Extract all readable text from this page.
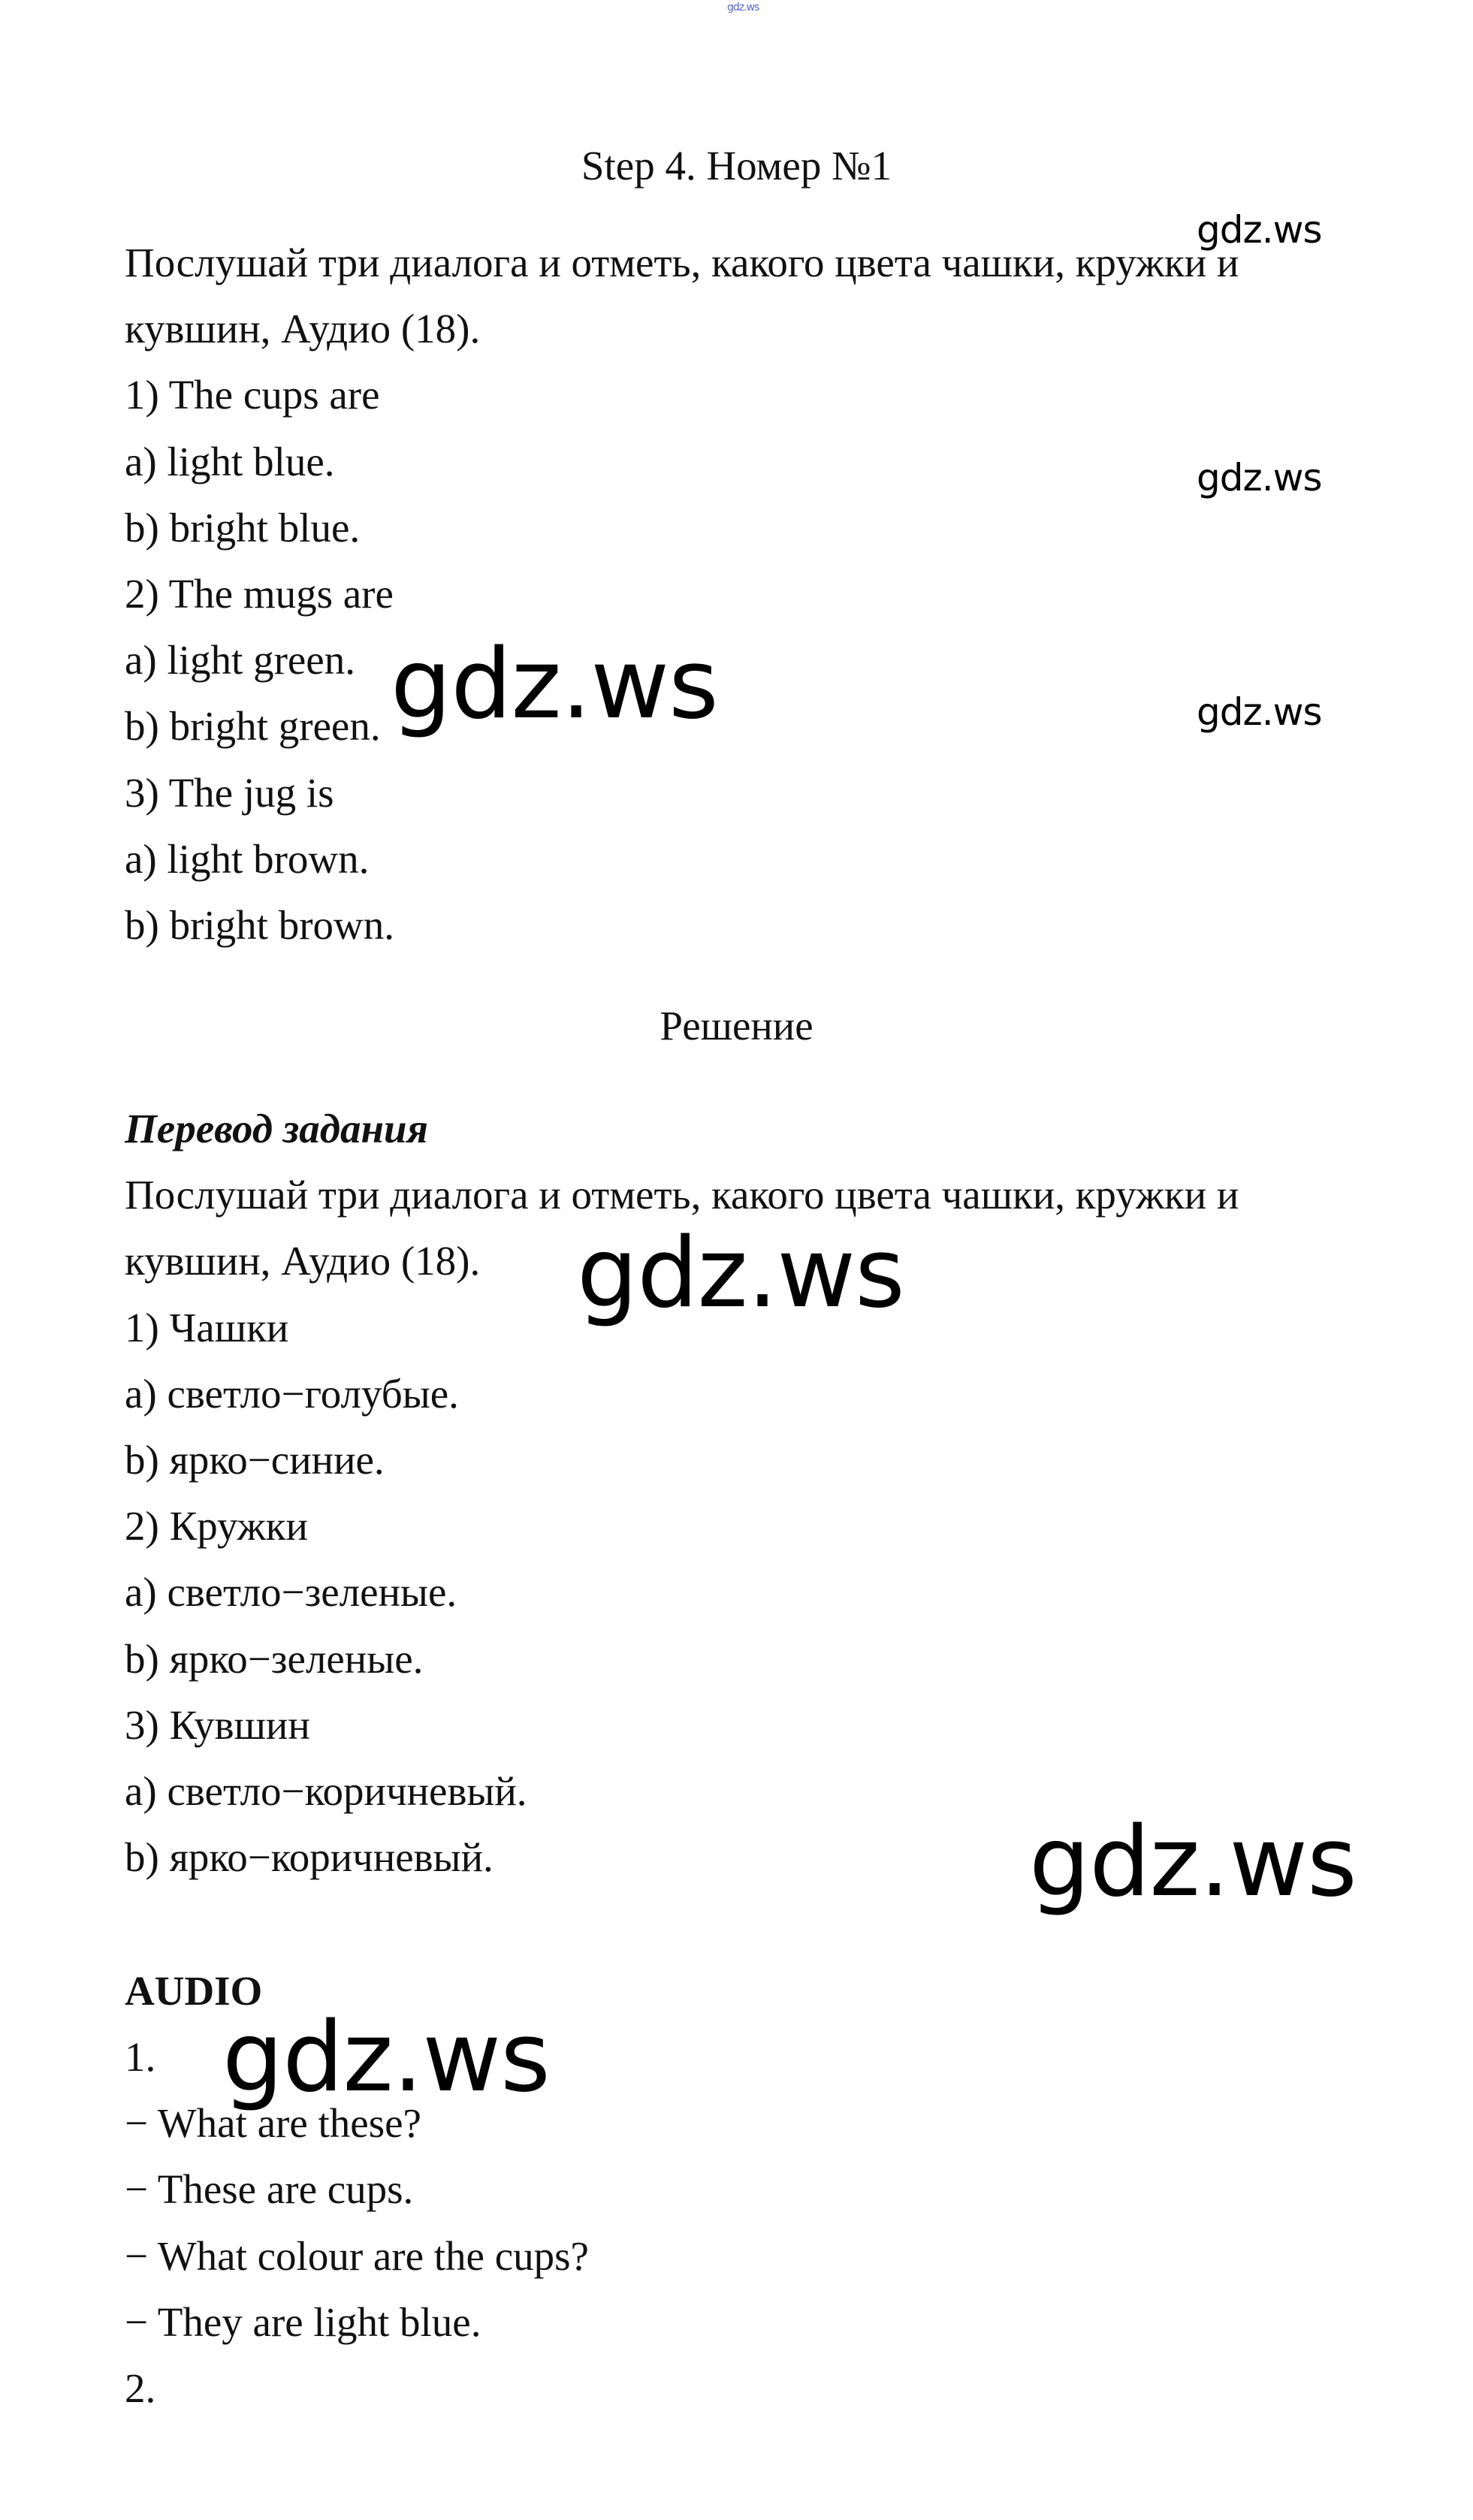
gdz.ws
Step 4. Номер №1
Послушай три диалога и отметь, какого цвета чашки, кружки и
кувшин, Аудио (18).
1) The cups are
a) light blue.
b) bright blue.
2) The mugs are
a) light green.
b) bright green.
3) The jug is
a) light brown.
b) bright brown.
Решение
Перевод задания
Послушай три диалога и отметь, какого цвета чашки, кружки и
кувшин, Аудио (18).
1) Чашки
а) светло−голубые.
b) ярко−синие.
2) Кружки
а) светло−зеленые.
b) ярко−зеленые.
3) Кувшин
а) светло−коричневый.
b) ярко−коричневый.
AUDIO
1.
− What are these?
− These are cups.
− What colour are the cups?
− They are light blue.
2.
gdz.ws
gdz.ws
gdz.ws
gdz.ws
gdz.ws
gdz.ws
gdz.ws
